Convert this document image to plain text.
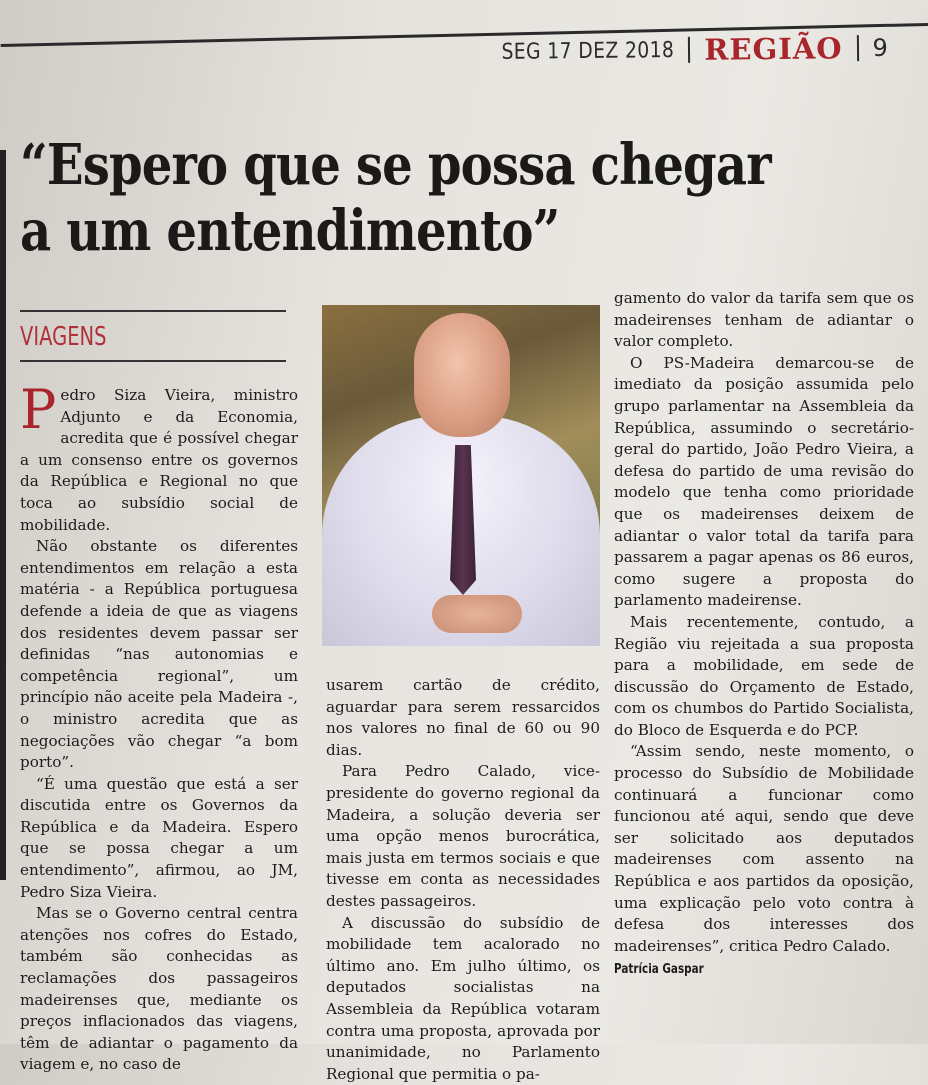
SEG 17 DEZ 2018 REGIÃO 9
“Espero que se possa chegar a um entendimento”
VIAGENS

Pedro Siza Vieira, ministro Adjunto e da Economia, acredita que é possível chegar a um consenso entre os governos da República e Regional no que toca ao subsídio social de mobilidade.

Não obstante os diferentes entendimentos em relação a esta matéria - a República portuguesa defende a ideia de que as viagens dos residentes devem passar ser definidas “nas autonomias e competência regional”, um princípio não aceite pela Madeira -, o ministro acredita que as negociações vão chegar “a bom porto”.

“É uma questão que está a ser discutida entre os Governos da República e da Madeira. Espero que se possa chegar a um entendimento”, afirmou, ao JM, Pedro Siza Vieira.

Mas se o Governo central centra atenções nos cofres do Estado, também são conhecidas as reclamações dos passageiros madeirenses que, mediante os preços inflacionados das viagens, têm de adiantar o pagamento da viagem e, no caso de

usarem cartão de crédito, aguardar para serem ressarcidos nos valores no final de 60 ou 90 dias.

Para Pedro Calado, vice-presidente do governo regional da Madeira, a solução deveria ser uma opção menos burocrática, mais justa em termos sociais e que tivesse em conta as necessidades destes passageiros.

A discussão do subsídio de mobilidade tem acalorado no último ano. Em julho último, os deputados socialistas na Assembleia da República votaram contra uma proposta, aprovada por unanimidade, no Parlamento Regional que permitia o pa-

gamento do valor da tarifa sem que os madeirenses tenham de adiantar o valor completo.

O PS-Madeira demarcou-se de imediato da posição assumida pelo grupo parlamentar na Assembleia da República, assumindo o secretário-geral do partido, João Pedro Vieira, a defesa do partido de uma revisão do modelo que tenha como prioridade que os madeirenses deixem de adiantar o valor total da tarifa para passarem a pagar apenas os 86 euros, como sugere a proposta do parlamento madeirense.

Mais recentemente, contudo, a Região viu rejeitada a sua proposta para a mobilidade, em sede de discussão do Orçamento de Estado, com os chumbos do Partido Socialista, do Bloco de Esquerda e do PCP.

“Assim sendo, neste momento, o processo do Subsídio de Mobilidade continuará a funcionar como funcionou até aqui, sendo que deve ser solicitado aos deputados madeirenses com assento na República e aos partidos da oposição, uma explicação pelo voto contra à defesa dos interesses dos madeirenses”, critica Pedro Calado.

Patrícia Gaspar
